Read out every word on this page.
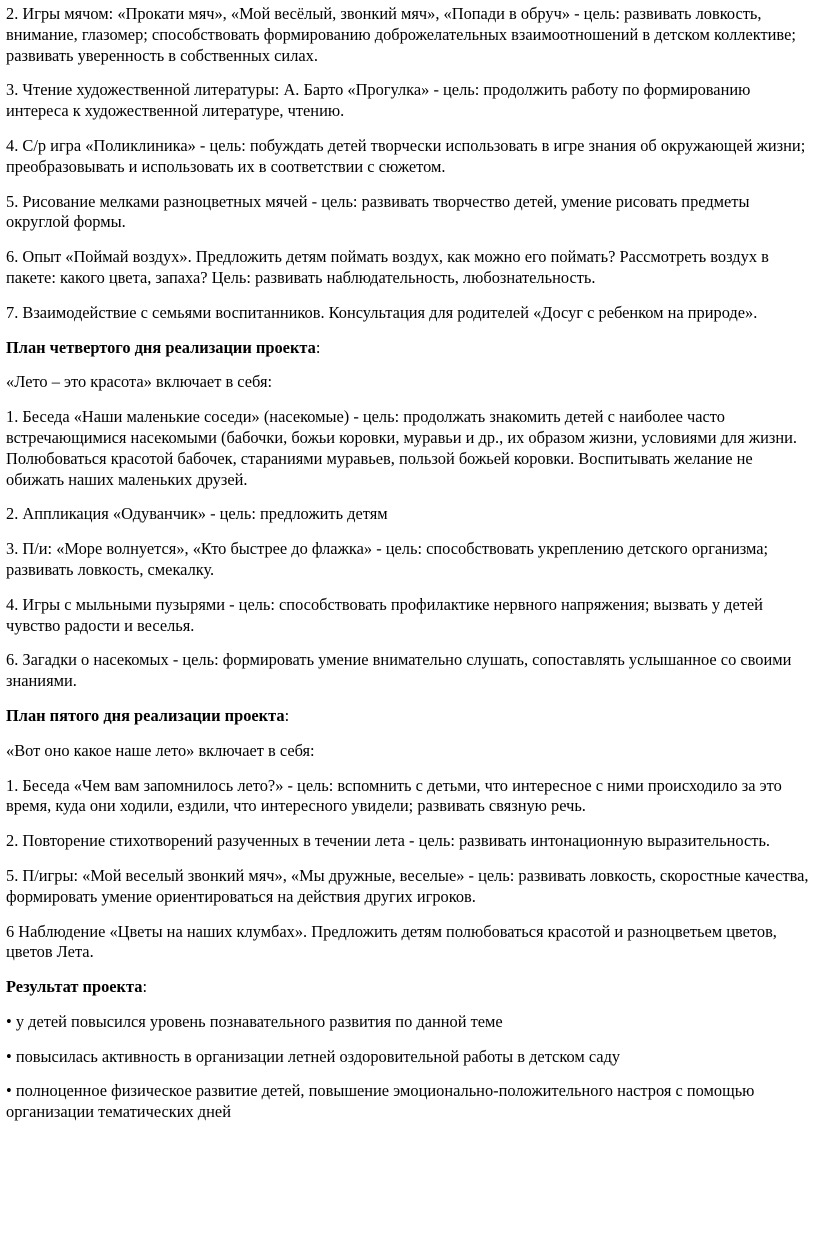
2. Игры мячом: «Прокати мяч», «Мой весёлый, звонкий мяч», «Попади в обруч» - цель: развивать ловкость, внимание, глазомер; способствовать формированию доброжелательных взаимоотношений в детском коллективе; развивать уверенность в собственных силах.

3. Чтение художественной литературы: А. Барто «Прогулка» - цель: продолжить работу по формированию интереса к художественной литературе, чтению.

4. С/р игра «Поликлиника» - цель: побуждать детей творчески использовать в игре знания об окружающей жизни; преобразовывать и использовать их в соответствии с сюжетом.

5. Рисование мелками разноцветных мячей - цель: развивать творчество детей, умение рисовать предметы округлой формы.

6. Опыт «Поймай воздух». Предложить детям поймать воздух, как можно его поймать? Рассмотреть воздух в пакете: какого цвета, запаха? Цель: развивать наблюдательность, любознательность.

7. Взаимодействие с семьями воспитанников. Консультация для родителей «Досуг с ребенком на природе».

План четвертого дня реализации проекта:

«Лето – это красота» включает в себя:

1. Беседа «Наши маленькие соседи» (насекомые) - цель: продолжать знакомить детей с наиболее часто встречающимися насекомыми (бабочки, божьи коровки, муравьи и др., их образом жизни, условиями для жизни. Полюбоваться красотой бабочек, стараниями муравьев, пользой божьей коровки. Воспитывать желание не обижать наших маленьких друзей.

2. Аппликация «Одуванчик» - цель: предложить детям

3. П/и: «Море волнуется», «Кто быстрее до флажка» - цель: способствовать укреплению детского организма; развивать ловкость, смекалку.

4. Игры с мыльными пузырями - цель: способствовать профилактике нервного напряжения; вызвать у детей чувство радости и веселья.

6. Загадки о насекомых - цель: формировать умение внимательно слушать, сопоставлять услышанное со своими знаниями.

План пятого дня реализации проекта:

«Вот оно какое наше лето» включает в себя:

1. Беседа «Чем вам запомнилось лето?» - цель: вспомнить с детьми, что интересное с ними происходило за это время, куда они ходили, ездили, что интересного увидели; развивать связную речь.

2. Повторение стихотворений разученных в течении лета - цель: развивать интонационную выразительность.

5. П/игры: «Мой веселый звонкий мяч», «Мы дружные, веселые» - цель: развивать ловкость, скоростные качества, формировать умение ориентироваться на действия других игроков.

6 Наблюдение «Цветы на наших клумбах». Предложить детям полюбоваться красотой и разноцветьем цветов, цветов Лета.

Результат проекта:

• у детей повысился уровень познавательного развития по данной теме

• повысилась активность в организации летней оздоровительной работы в детском саду

• полноценное физическое развитие детей, повышение эмоционально-положительного настроя с помощью организации тематических дней
